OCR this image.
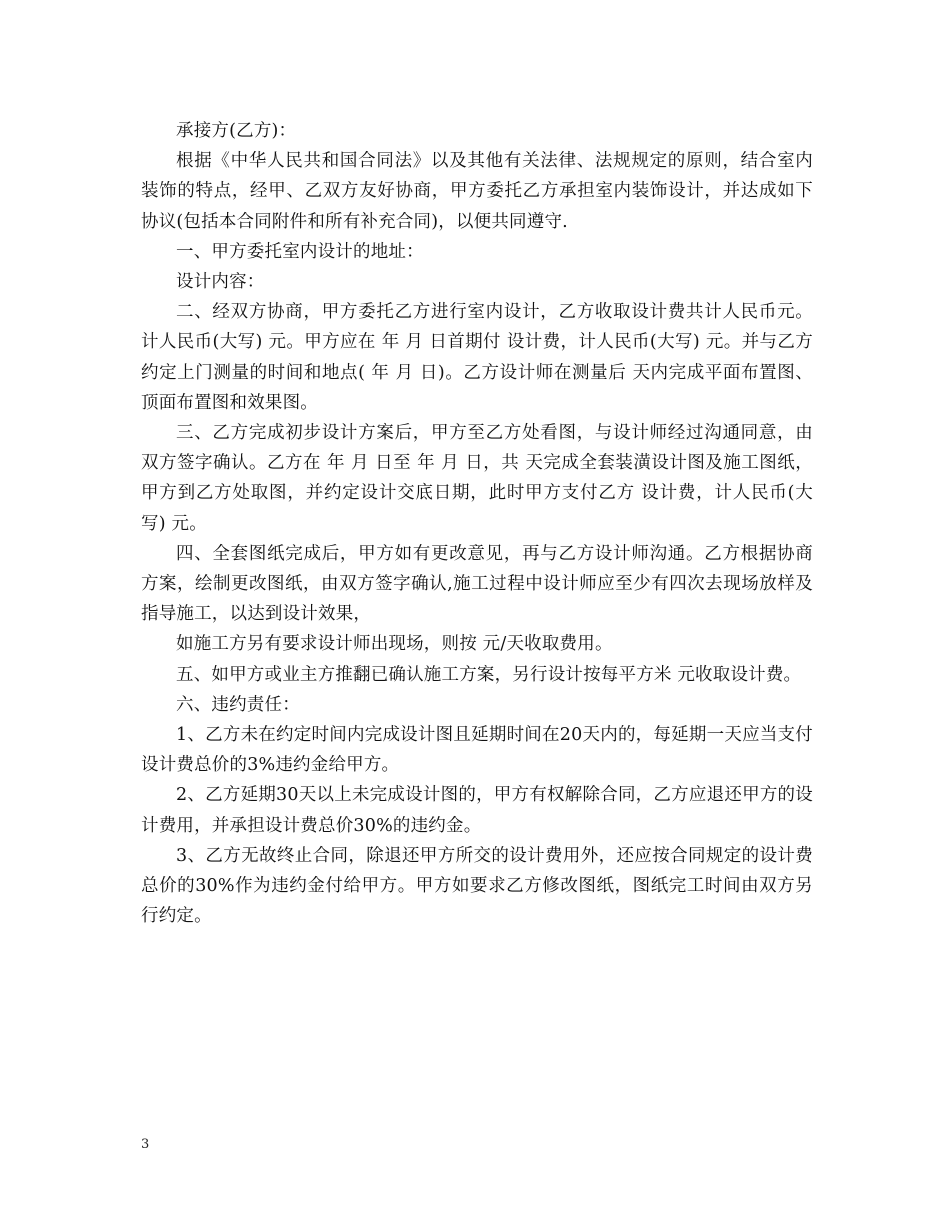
承接方(乙方)：

根据《中华人民共和国合同法》以及其他有关法律、法规规定的原则，结合室内装饰的特点，经甲、乙双方友好协商，甲方委托乙方承担室内装饰设计，并达成如下协议(包括本合同附件和所有补充合同)，以便共同遵守.

一、甲方委托室内设计的地址：

设计内容：

二、经双方协商，甲方委托乙方进行室内设计，乙方收取设计费共计人民币元。计人民币(大写) 元。甲方应在 年 月 日首期付 设计费，计人民币(大写) 元。并与乙方约定上门测量的时间和地点( 年 月 日)。乙方设计师在测量后 天内完成平面布置图、顶面布置图和效果图。

三、乙方完成初步设计方案后，甲方至乙方处看图，与设计师经过沟通同意，由双方签字确认。乙方在 年 月 日至 年 月 日，共 天完成全套装潢设计图及施工图纸，甲方到乙方处取图，并约定设计交底日期，此时甲方支付乙方 设计费，计人民币(大写) 元。

四、全套图纸完成后，甲方如有更改意见，再与乙方设计师沟通。乙方根据协商方案，绘制更改图纸，由双方签字确认,施工过程中设计师应至少有四次去现场放样及指导施工，以达到设计效果，

如施工方另有要求设计师出现场，则按 元/天收取费用。

五、如甲方或业主方推翻已确认施工方案，另行设计按每平方米 元收取设计费。

六、违约责任：

1、乙方未在约定时间内完成设计图且延期时间在20天内的，每延期一天应当支付设计费总价的3%违约金给甲方。

2、乙方延期30天以上未完成设计图的，甲方有权解除合同，乙方应退还甲方的设计费用，并承担设计费总价30%的违约金。

3、乙方无故终止合同，除退还甲方所交的设计费用外，还应按合同规定的设计费总价的30%作为违约金付给甲方。甲方如要求乙方修改图纸，图纸完工时间由双方另行约定。

3
